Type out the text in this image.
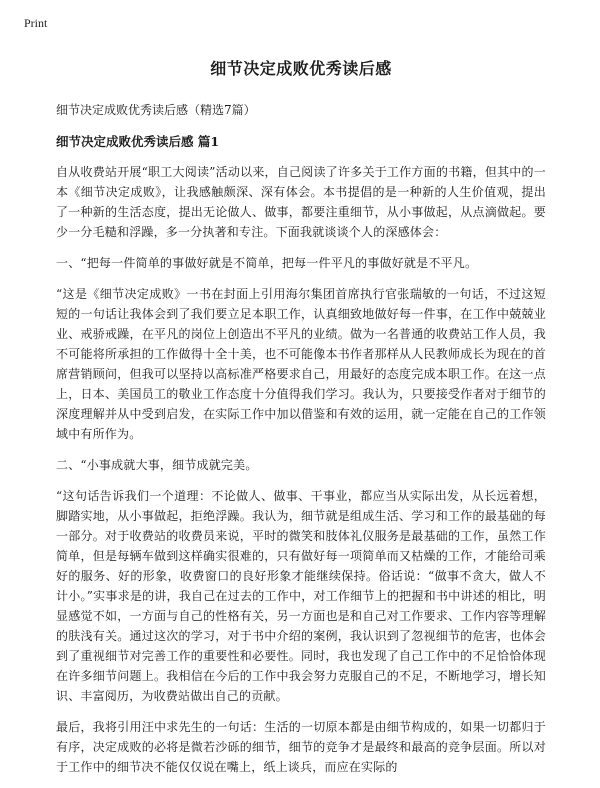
Print
细节决定成败优秀读后感
细节决定成败优秀读后感（精选7篇）
细节决定成败优秀读后感 篇1

自从收费站开展“职工大阅读”活动以来，自己阅读了许多关于工作方面的书籍，但其中的一本《细节决定成败》，让我感触颇深、深有体会。本书提倡的是一种新的人生价值观，提出了一种新的生活态度，提出无论做人、做事，都要注重细节，从小事做起，从点滴做起。要少一分毛糙和浮躁，多一分执著和专注。下面我就谈谈个人的深感体会：

一、“把每一件简单的事做好就是不简单，把每一件平凡的事做好就是不平凡。

“这是《细节决定成败》一书在封面上引用海尔集团首席执行官张瑞敏的一句话，不过这短短的一句话让我体会到了我们要立足本职工作，认真细致地做好每一件事，在工作中兢兢业业、戒骄戒躁，在平凡的岗位上创造出不平凡的业绩。做为一名普通的收费站工作人员，我不可能将所承担的工作做得十全十美，也不可能像本书作者那样从人民教师成长为现在的首席营销顾问，但我可以坚持以高标准严格要求自己，用最好的态度完成本职工作。在这一点上，日本、美国员工的敬业工作态度十分值得我们学习。我认为，只要接受作者对于细节的深度理解并从中受到启发，在实际工作中加以借鉴和有效的运用，就一定能在自己的工作领域中有所作为。

二、“小事成就大事，细节成就完美。

“这句话告诉我们一个道理：不论做人、做事、干事业，都应当从实际出发，从长远着想，脚踏实地，从小事做起，拒绝浮躁。我认为，细节就是组成生活、学习和工作的最基础的每一部分。对于收费站的收费员来说，平时的微笑和肢体礼仪服务是最基础的工作，虽然工作简单，但是每辆车做到这样确实很难的，只有做好每一项简单而又枯燥的工作，才能给司乘好的服务、好的形象，收费窗口的良好形象才能继续保持。俗话说：“做事不贪大，做人不计小。”实事求是的讲，我自己在过去的工作中，对工作细节上的把握和书中讲述的相比，明显感觉不如，一方面与自己的性格有关，另一方面也是和自己对工作要求、工作内容等理解的肤浅有关。通过这次的学习，对于书中介绍的案例，我认识到了忽视细节的危害，也体会到了重视细节对完善工作的重要性和必要性。同时，我也发现了自己工作中的不足恰恰体现在许多细节问题上。我相信在今后的工作中我会努力克服自己的不足，不断地学习，增长知识、丰富阅历，为收费站做出自己的贡献。

最后，我将引用汪中求先生的一句话：生活的一切原本都是由细节构成的，如果一切都归于有序，决定成败的必将是微若沙砾的细节，细节的竞争才是最终和最高的竞争层面。所以对于工作中的细节决不能仅仅说在嘴上，纸上谈兵，而应在实际的
